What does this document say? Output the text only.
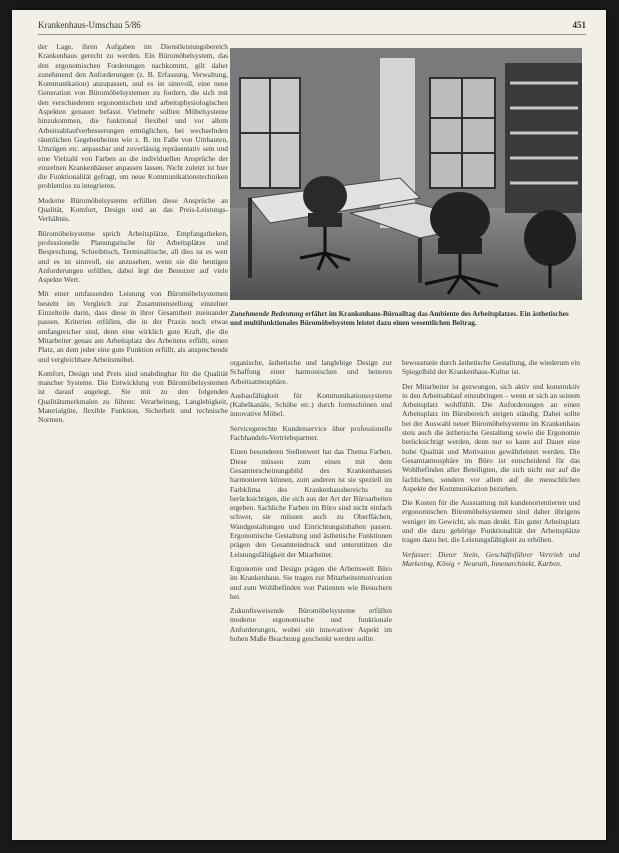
Krankenhaus-Umschau 5/86	451

der Lage, ihren Aufgaben im Dienstleistungsbereich Krankenhaus gerecht zu werden. Ein Büromöbelsystem, das den ergonomischen Forderungen nachkommt, gilt daher zunehmend den Anforderungen (z. B. Erfassung, Verwaltung, Kommunikation) anzupassen, und es ist sinnvoll, eine neue Generation von Büromöbelsystemen zu fordern, die sich mit den verschiedenen ergonomischen und arbeitsphysiologischen Aspekten genauer befasst. Vielmehr sollten Möbelsysteme hinzukommen, die funktional flexibel und vor allem Arbeitsablaufverbesserungen ermöglichen, bei wechselnden räumlichen Gegebenheiten wie z. B. im Falle von Umbauten, Umzügen etc. anpassbar und zuverlässig repräsentativ sein und eine Vielzahl von Farben an die individuellen Ansprüche der einzelnen Krankenhäuser anpassen lassen. Nicht zuletzt ist hier die Funktionalität gefragt, um neue Kommunikationstechniken problemlos zu integrieren.

Moderne Büromöbelsysteme erfüllen diese Ansprüche an Qualität, Komfort, Design und an das Preis-Leistungs-Verhältnis.

Büromöbelsysteme sprich Arbeitsplätze, Empfangstheken, professionelle Planungstische für Arbeitsplätze und Besprechung, Schreibtisch, Terminaltische, all dies ist es wert und es ist sinnvoll, sie anzusehen, wenn sie die heutigen Anforderungen erfüllen, dabei legt der Benutzer auf viele Aspekte Wert.

Mit einer umfassenden Leistung von Büromöbelsystemen besteht im Vergleich zur Zusammenstellung einzelner Einzelteile darin, dass diese in ihrer Gesamtheit zueinander passen. Kriterien erfüllen, die in der Praxis noch etwas umfangreicher sind, denn eine wirklich gute Kraft, die die Mitarbeiter genau am Arbeitsplatz des Arbeitens erfüllt, einen Platz, an dem jeder eine gute Funktion erfüllt, als ansprechende und vergleichbare Arbeitsmöbel.

Komfort, Design und Preis sind unabdingbar für die Qualität mancher Systeme. Die Entwicklung von Büromöbelsystemen ist darauf angelegt, Sie mit zu den folgenden Qualitätsmerkmalen zu führen: Verarbeitung, Langlebigkeit, Materialgüte, flexible Funktion, Sicherheit und technische Normen.

Zunehmende Bedeutung erfährt im Krankenhaus-Büroalltag das Ambiente des Arbeitsplatzes. Ein ästhetisches und multifunktionales Büromöbelsystem leistet dazu einen wesentlichen Beitrag.

organische, ästhetische und langlebige Design zur Schaffung einer harmonischen und heiteren Arbeitsatmosphäre.

Ausbaufähigkeit für Kommunikationssysteme (Kabelkanäle, Schübe etc.) durch formschönen und innovative Möbel.

Servicegerechte Kundenservice über professionelle Fachhandels-Vertriebspartner.

Einen besonderen Stellenwert hat das Thema Farben. Diese müssen zum einen mit dem Gesamterscheinungsbild des Krankenhauses harmonieren können, zum anderen ist sie speziell im Farbklima des Krankenhausbereichs zu berücksichtigen, die sich aus der Art der Büroarbeiten ergeben. Sachliche Farben im Büro sind nicht einfach schwer, sie müssen auch zu Oberflächen, Wandgestaltungen und Einrichtungsinhalten passen. Ergonomische Gestaltung und ästhetische Funktionen prägen den Gesamteindruck und unterstützen die Leistungsfähigkeit der Mitarbeiter.

Ergonomie und Design prägen die Arbeitswelt Büro im Krankenhaus. Sie tragen zur Mitarbeitermotivation und zum Wohlbefinden von Patienten wie Besuchern bei.

Zukunftsweisende Büromöbelsysteme erfüllen moderne ergonomische und funktionale Anforderungen, wobei ein innovativer Aspekt im hohen Maße Beachtung geschenkt werden sollte.

bewusstsein durch ästhetische Gestaltung, die wiederum ein Spiegelbild der Krankenhaus-Kultur ist.

Der Mitarbeiter ist gezwungen, sich aktiv und konstruktiv in den Arbeitsablauf einzubringen – wenn er sich an seinem Arbeitsplatz wohlfühlt. Die Anforderungen an einen Arbeitsplatz im Bürobereich steigen ständig. Dabei sollte bei der Auswahl neuer Büromöbelsysteme im Krankenhaus stets auch die ästhetische Gestaltung sowie die Ergonomie berücksichtigt werden, denn nur so kann auf Dauer eine hohe Qualität und Motivation gewährleistet werden. Die Gesamtatmosphäre im Büro ist entscheidend für das Wohlbefinden aller Beteiligten, die sich nicht nur auf die fachlichen, sondern vor allem auf die menschlichen Aspekte der Kommunikation beziehen.

Die Kosten für die Ausstattung mit kundenorientierten und ergonomischen Büromöbelsystemen sind daher übrigens weniger im Gewicht, als man denkt. Ein guter Arbeitsplatz und die dazu gehörige Funktionalität der Arbeitsplätze tragen dazu bei, die Leistungsfähigkeit zu erhöhen.

Verfasser: Dieter Stein, Geschäftsführer Vertrieb und Marketing, König + Neurath, Innenarchitekt, Karben.
